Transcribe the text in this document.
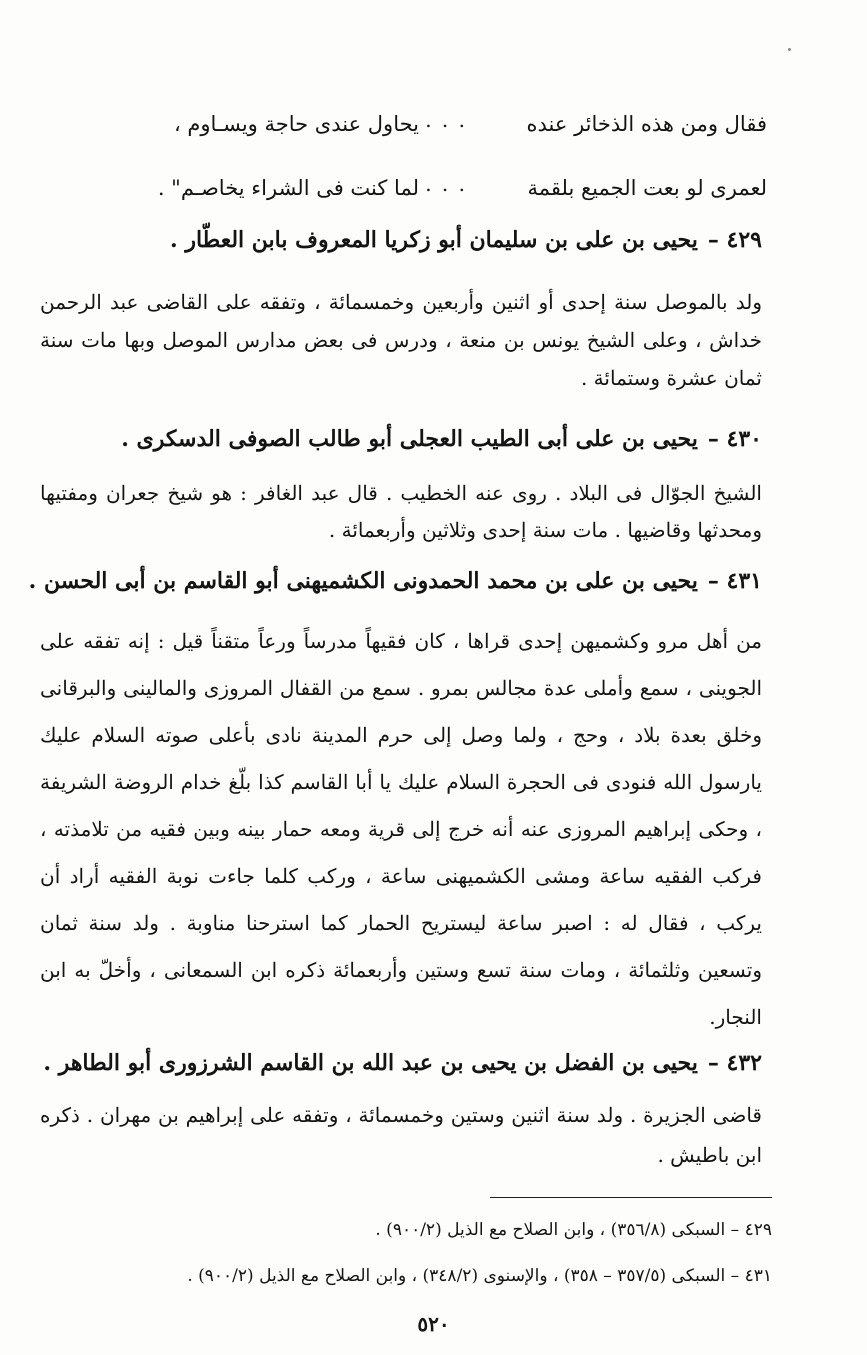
فقال ومن هذه الذخائر عنده
. . .
يحاول عندى حاجة ويسـاوم ،
لعمرى لو بعت الجميع بلقمة
. . .
لما كنت فى الشراء يخاصـم" .
٤٢٩ –يحيى بن على بن سليمان أبو زكريا المعروف بابن العطّار .
ولد بالموصل سنة إحدى أو اثنين وأربعين وخمسمائة ، وتفقه على القاضى عبد الرحمن خداش ، وعلى الشيخ يونس بن منعة ، ودرس فى بعض مدارس الموصل وبها مات سنة ثمان عشرة وستمائة .
٤٣٠ –يحيى بن على أبى الطيب العجلى أبو طالب الصوفى الدسكرى .
الشيخ الجوّال فى البلاد . روى عنه الخطيب . قال عبد الغافر : هو شيخ جعران ومفتيها ومحدثها وقاضيها . مات سنة إحدى وثلاثين وأربعمائة .
٤٣١ –يحيى بن على بن محمد الحمدونى الكشميهنى أبو القاسم بن أبى الحسن .
من أهل مرو وكشميهن إحدى قراها ، كان فقيهاً مدرساً ورعاً متقناً قيل : إنه تفقه على الجوينى ، سمع وأملى عدة مجالس بمرو . سمع من القفال المروزى والمالينى والبرقانى وخلق بعدة بلاد ، وحج ، ولما وصل إلى حرم المدينة نادى بأعلى صوته السلام عليك يارسول الله فنودى فى الحجرة السلام عليك يا أبا القاسم كذا بلّغ خدام الروضة الشريفة ، وحكى إبراهيم المروزى عنه أنه خرج إلى قرية ومعه حمار بينه وبين فقيه من تلامذته ، فركب الفقيه ساعة ومشى الكشميهنى ساعة ، وركب كلما جاءت نوبة الفقيه أراد أن يركب ، فقال له : اصبر ساعة ليستريح الحمار كما استرحنا مناوبة . ولد سنة ثمان وتسعين وثلثمائة ، ومات سنة تسع وستين وأربعمائة ذكره ابن السمعانى ، وأخلّ به ابن النجار.
٤٣٢ –يحيى بن الفضل بن يحيى بن عبد الله بن القاسم الشرزورى أبو الطاهر .
قاضى الجزيرة . ولد سنة اثنين وستين وخمسمائة ، وتفقه على إبراهيم بن مهران . ذكره ابن باطيش .
٤٢٩ – السبكى (٣٥٦/٨) ، وابن الصلاح مع الذيل (٩٠٠/٢) .
٤٣١ – السبكى (٣٥٧/٥ – ٣٥٨) ، والإسنوى (٣٤٨/٢) ، وابن الصلاح مع الذيل (٩٠٠/٢) .
٥٢٠
